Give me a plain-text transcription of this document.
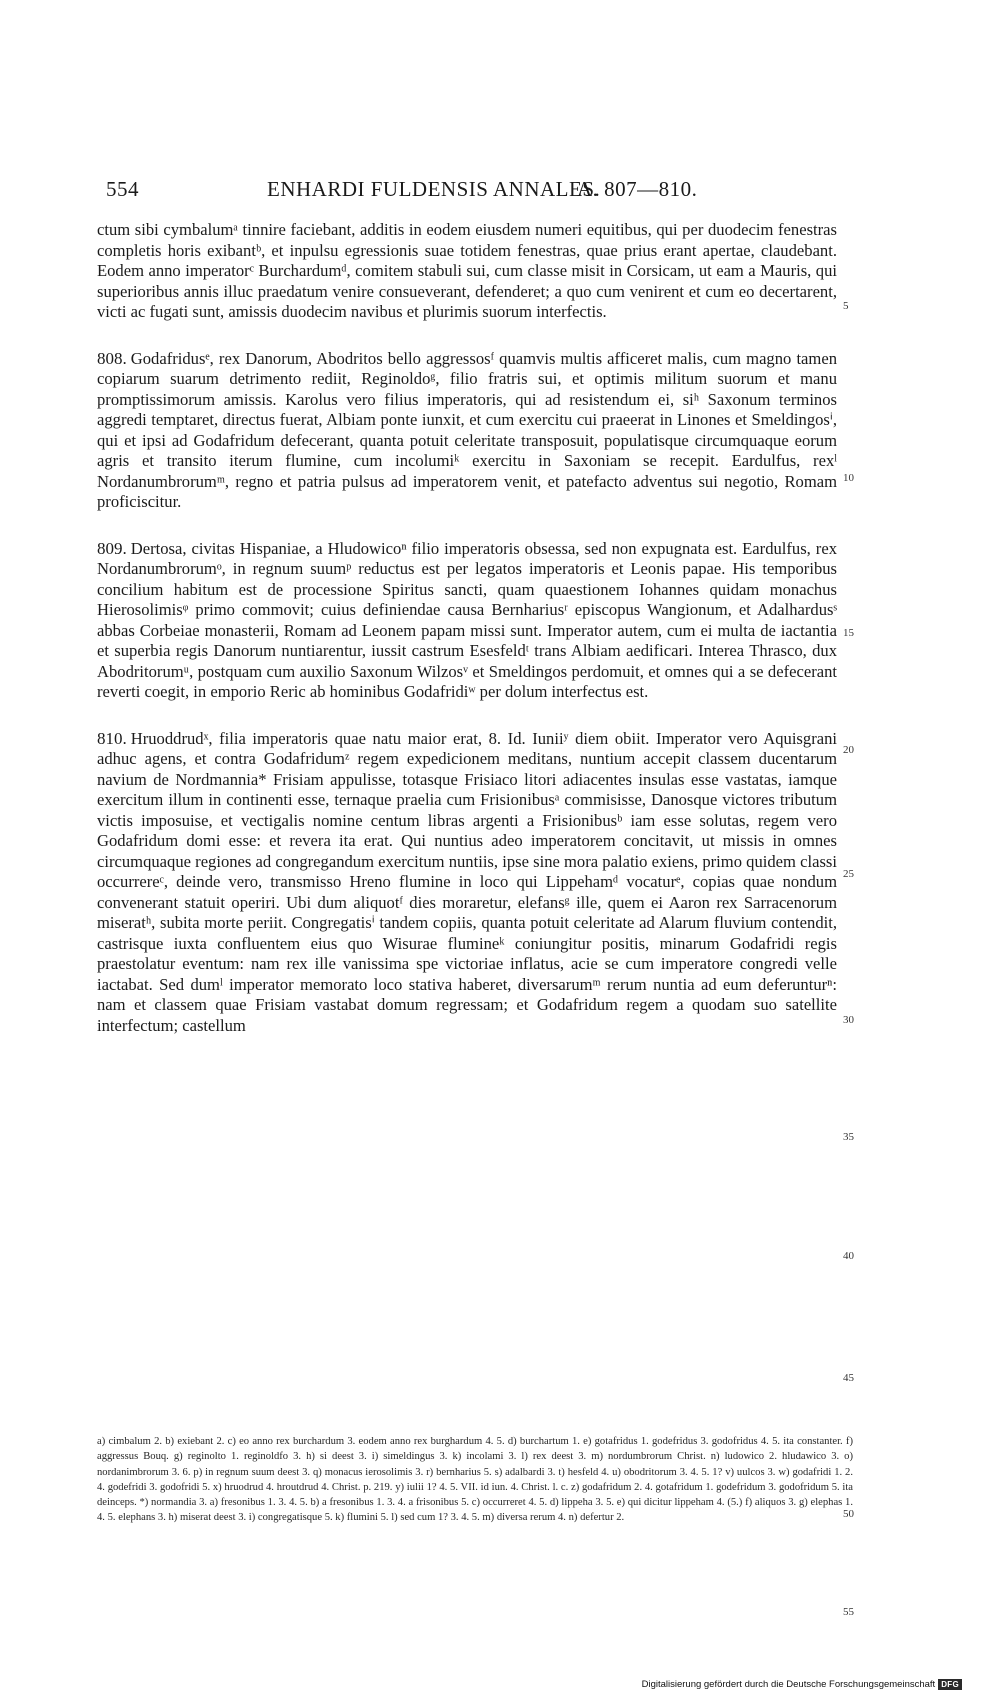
554	ENHARDI FULDENSIS ANNALES.
A. 807—810.

ctum sibi cymbalumᵃ tinnire faciebant, additis in eodem eiusdem numeri equitibus, qui per duodecim fenestras completis horis exibantᵇ, et inpulsu egressionis suae totidem fenestras, quae prius erant apertae, claudebant. Eodem anno imperatorᶜ Burchardumᵈ, comitem stabuli sui, cum classe misit in Corsicam, ut eam a Mauris, qui superioribus annis illuc praedatum venire consueverant, defenderet; a quo cum venirent et cum eo decertarent, victi ac fugati sunt, amissis duodecim navibus et plurimis suorum interfectis.

808. Godafridusᵉ, rex Danorum, Abodritos bello aggressosᶠ quamvis multis afficeret malis, cum magno tamen copiarum suarum detrimento rediit, Reginoldoᵍ, filio fratris sui, et optimis militum suorum et manu promptissimorum amissis. Karolus vero filius imperatoris, qui ad resistendum ei, siʰ Saxonum terminos aggredi temptaret, directus fuerat, Albiam ponte iunxit, et cum exercitu cui praeerat in Linones et Smeldingosⁱ, qui et ipsi ad Godafridum defecerant, quanta potuit celeritate transposuit, populatisque circumquaque eorum agris et transito iterum flumine, cum incolumiᵏ exercitu in Saxoniam se recepit. Eardulfus, rexˡ Nordanumbrorumᵐ, regno et patria pulsus ad imperatorem venit, et patefacto adventus sui negotio, Romam proficiscitur.

809. Dertosa, civitas Hispaniae, a Hludowicoⁿ filio imperatoris obsessa, sed non expugnata est. Eardulfus, rex Nordanumbrorumᵒ, in regnum suumᵖ reductus est per legatos imperatoris et Leonis papae. His temporibus concilium habitum est de processione Spiritus sancti, quam quaestionem Iohannes quidam monachus Hierosolimisᵠ primo commovit; cuius definiendae causa Bernhariusʳ episcopus Wangionum, et Adalhardusˢ abbas Corbeiae monasterii, Romam ad Leonem papam missi sunt. Imperator autem, cum ei multa de iactantia et superbia regis Danorum nuntiarentur, iussit castrum Esesfeldᵗ trans Albiam aedificari. Interea Thrasco, dux Abodritorumᵘ, postquam cum auxilio Saxonum Wilzosᵛ et Smeldingos perdomuit, et omnes qui a se defecerant reverti coegit, in emporio Reric ab hominibus Godafridiʷ per dolum interfectus est.

810. Hruoddrudˣ, filia imperatoris quae natu maior erat, 8. Id. Iuniiʸ diem obiit. Imperator vero Aquisgrani adhuc agens, et contra Godafridumᶻ regem expedicionem meditans, nuntium accepit classem ducentarum navium de Nordmannia* Frisiam appulisse, totasque Frisiaco litori adiacentes insulas esse vastatas, iamque exercitum illum in continenti esse, ternaque praelia cum Frisionibusᵃ commisisse, Danosque victores tributum victis imposuise, et vectigalis nomine centum libras argenti a Frisionibusᵇ iam esse solutas, regem vero Godafridum domi esse: et revera ita erat. Qui nuntius adeo imperatorem concitavit, ut missis in omnes circumquaque regiones ad congregandum exercitum nuntiis, ipse sine mora palatio exiens, primo quidem classi occurrereᶜ, deinde vero, transmisso Hreno flumine in loco qui Lippehamᵈ vocaturᵉ, copias quae nondum convenerant statuit operiri. Ubi dum aliquotᶠ dies moraretur, elefansᵍ ille, quem ei Aaron rex Sarracenorum miseratʰ, subita morte periit. Congregatisⁱ tandem copiis, quanta potuit celeritate ad Alarum fluvium contendit, castrisque iuxta confluentem eius quo Wisurae flumineᵏ coniungitur positis, minarum Godafridi regis praestolatur eventum: nam rex ille vanissima spe victoriae inflatus, acie se cum imperatore congredi velle iactabat. Sed dumˡ imperator memorato loco stativa haberet, diversarumᵐ rerum nuntia ad eum deferunturⁿ: nam et classem quae Frisiam vastabat domum regressam; et Godafridum regem a quodam suo satellite interfectum; castellum

5
10
15
20
25
30
35
40
45
50
55

a) cimbalum 2. b) exiebant 2. c) eo anno rex burchardum 3. eodem anno rex burghardum 4. 5. d) burchartum 1. e) gotafridus 1. godefridus 3. godofridus 4. 5. ita constanter. f) aggressus Bouq. g) reginolto 1. reginoldfo 3. h) si deest 3. i) simeldingus 3. k) incolami 3. l) rex deest 3. m) nordumbrorum Christ. n) ludowico 2. hludawico 3. o) nordanimbrorum 3. 6. p) in regnum suum deest 3. q) monacus ierosolimis 3. r) bernharius 5. s) adalbardi 3. t) hesfeld 4. u) obodritorum 3. 4. 5. 1? v) uulcos 3. w) godafridi 1. 2. 4. godefridi 3. godofridi 5. x) hruodrud 4. hroutdrud 4. Christ. p. 219. y) iulii 1? 4. 5. VII. id iun. 4. Christ. l. c. z) godafridum 2. 4. gotafridum 1. godefridum 3. godofridum 5. ita deinceps. *) normandia 3. a) fresonibus 1. 3. 4. 5. b) a fresonibus 1. 3. 4. a frisonibus 5. c) occurreret 4. 5. d) lippeha 3. 5. e) qui dicitur lippeham 4. (5.) f) aliquos 3. g) elephas 1. 4. 5. elephans 3. h) miserat deest 3. i) congregatisque 5. k) flumini 5. l) sed cum 1? 3. 4. 5. m) diversa rerum 4. n) defertur 2.

Digitalisierung gefördert durch die Deutsche Forschungsgemeinschaft DFG
